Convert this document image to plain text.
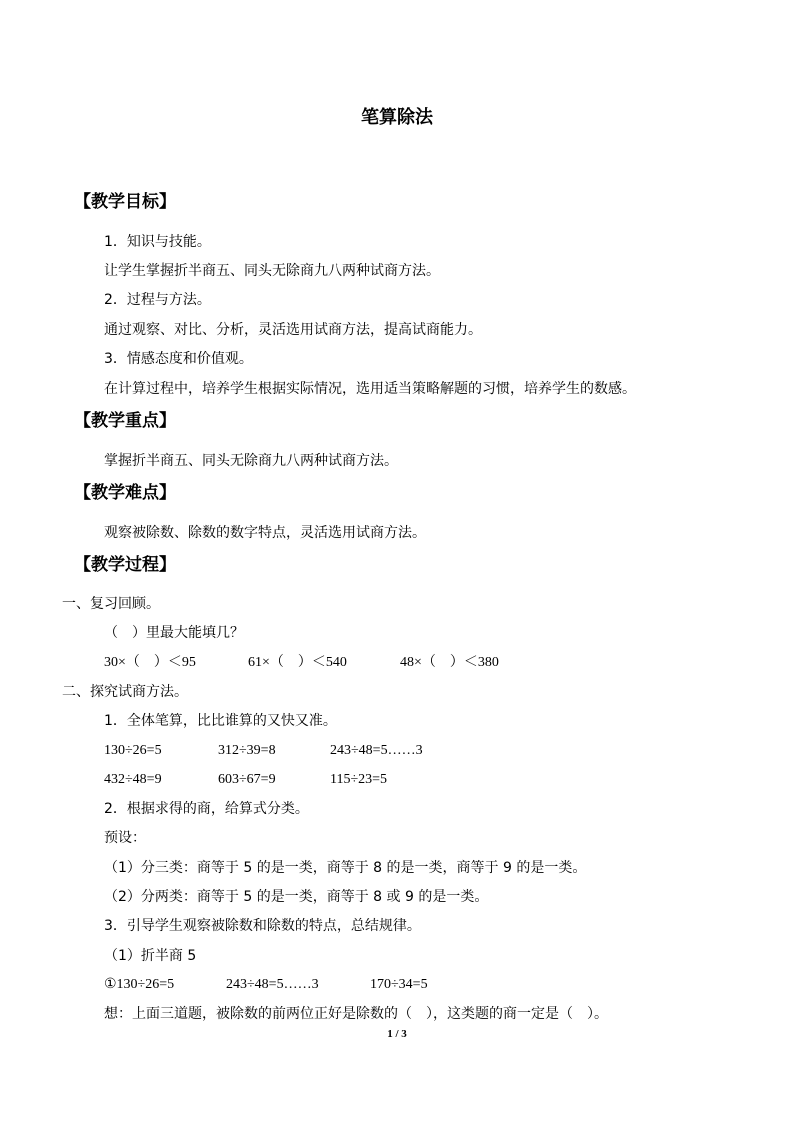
笔算除法
【教学目标】
1．知识与技能。
让学生掌握折半商五、同头无除商九八两种试商方法。
2．过程与方法。
通过观察、对比、分析，灵活选用试商方法，提高试商能力。
3．情感态度和价值观。
在计算过程中，培养学生根据实际情况，选用适当策略解题的习惯，培养学生的数感。
【教学重点】
掌握折半商五、同头无除商九八两种试商方法。
【教学难点】
观察被除数、除数的数字特点，灵活选用试商方法。
【教学过程】
一、复习回顾。
（　）里最大能填几？
30×（　）＜95	61×（　）＜540	48×（　）＜380
二、探究试商方法。
1．全体笔算，比比谁算的又快又准。
130÷26=5	312÷39=8	243÷48=5……3
432÷48=9	603÷67=9	115÷23=5
2．根据求得的商，给算式分类。
预设：
（1）分三类：商等于 5 的是一类，商等于 8 的是一类，商等于 9 的是一类。
（2）分两类：商等于 5 的是一类，商等于 8 或 9 的是一类。
3．引导学生观察被除数和除数的特点，总结规律。
（1）折半商 5
①130÷26=5	243÷48=5……3	170÷34=5
想：上面三道题，被除数的前两位正好是除数的（　），这类题的商一定是（　）。
1 / 3
